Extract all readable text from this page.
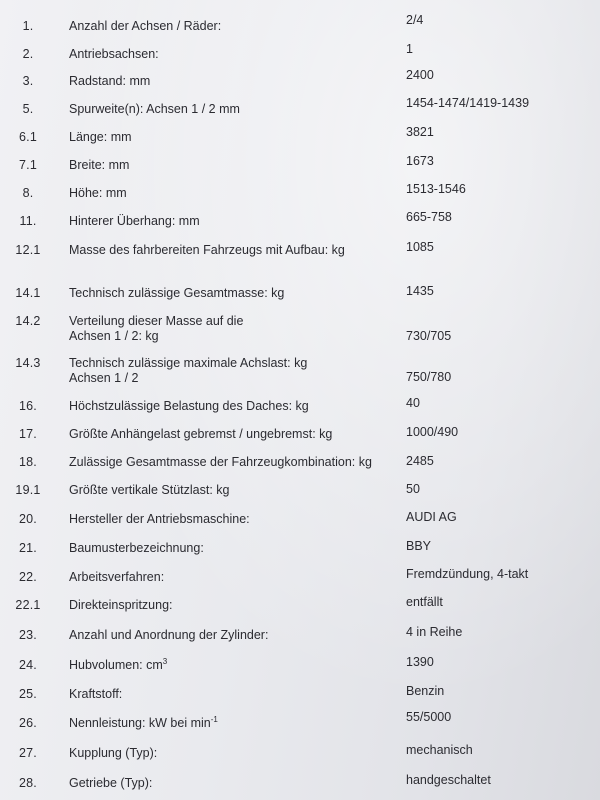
1.	Anzahl der Achsen / Räder:	2/4
2.	Antriebsachsen:	1
3.	Radstand: mm	2400
5.	Spurweite(n): Achsen 1 / 2 mm	1454-1474/1419-1439
6.1	Länge: mm	3821
7.1	Breite: mm	1673
8.	Höhe: mm	1513-1546
11.	Hinterer Überhang: mm	665-758
12.1	Masse des fahrbereiten Fahrzeugs mit Aufbau: kg	1085
14.1	Technisch zulässige Gesamtmasse: kg	1435
14.2	Verteilung dieser Masse auf die
Achsen 1 / 2: kg	730/705
14.3	Technisch zulässige maximale Achslast: kg
Achsen 1 / 2	750/780
16.	Höchstzulässige Belastung des Daches: kg	40
17.	Größte Anhängelast gebremst / ungebremst: kg	1000/490
18.	Zulässige Gesamtmasse der Fahrzeugkombination: kg	2485
19.1	Größte vertikale Stützlast: kg	50
20.	Hersteller der Antriebsmaschine:	AUDI AG
21.	Baumusterbezeichnung:	BBY
22.	Arbeitsverfahren:	Fremdzündung, 4-takt
22.1	Direkteinspritzung:	entfällt
23.	Anzahl und Anordnung der Zylinder:	4 in Reihe
24.	Hubvolumen: $cm^3$	1390
25.	Kraftstoff:	Benzin
26.	Nennleistung: kW bei $\min^{-1}$	55/5000
27.	Kupplung (Typ):	mechanisch
28.	Getriebe (Typ):	handgeschaltet
